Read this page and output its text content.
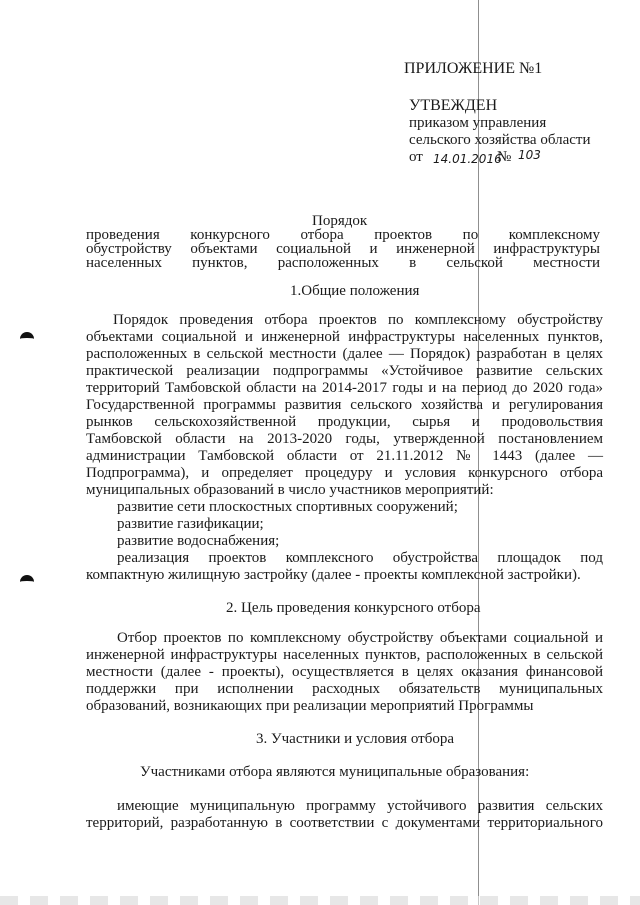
ПРИЛОЖЕНИЕ №1
УТВЕЖДЕН
приказом управления
сельского хозяйства области
от 14.01.2016
№ 103
Порядок
проведения конкурсного отбора проектов по комплексному
обустройству объектами социальной и инженерной инфраструктуры
населенных пунктов, расположенных в сельской местности
1.Общие положения
Порядок проведения отбора проектов по комплексному обустройству
объектами социальной и инженерной инфраструктуры населенных пунктов,
расположенных в сельской местности (далее — Порядок) разработан в целях
практической реализации подпрограммы «Устойчивое развитие сельских
территорий Тамбовской области на 2014-2017 годы и на период до 2020 года»
Государственной программы развития сельского хозяйства и регулирования
рынков сельскохозяйственной продукции, сырья и продовольствия
Тамбовской области на 2013-2020 годы, утвержденной постановлением
администрации Тамбовской области от 21.11.2012 № 1443 (далее —
Подпрограмма), и определяет процедуру и условия конкурсного отбора
муниципальных образований в число участников мероприятий:
развитие сети плоскостных спортивных сооружений;
развитие газификации;
развитие водоснабжения;
реализация проектов комплексного обустройства площадок под
компактную жилищную застройку (далее - проекты комплексной застройки).
2. Цель проведения конкурсного отбора
Отбор проектов по комплексному обустройству объектами социальной и
инженерной инфраструктуры населенных пунктов, расположенных в сельской
местности (далее - проекты), осуществляется в целях оказания финансовой
поддержки при исполнении расходных обязательств муниципальных
образований, возникающих при реализации мероприятий Программы
3. Участники и условия отбора
Участниками отбора являются муниципальные образования:
имеющие муниципальную программу устойчивого развития сельских
территорий, разработанную в соответствии с документами территориального
